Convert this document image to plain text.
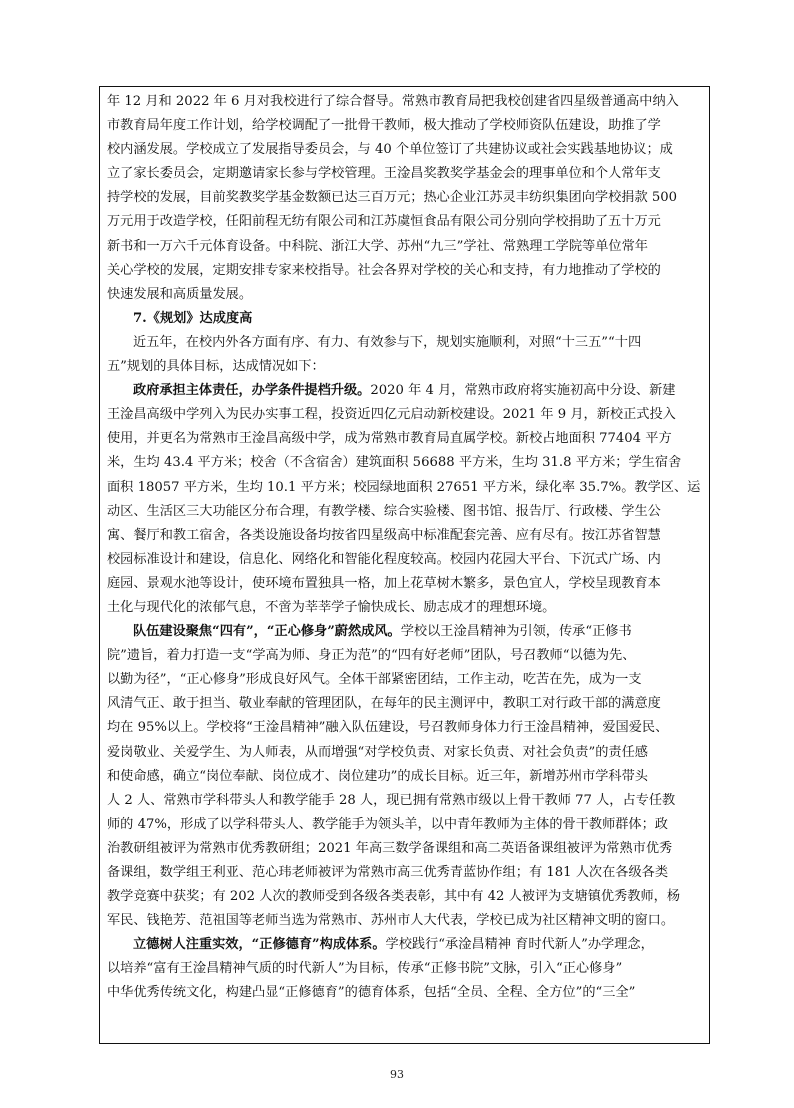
年 12 月和 2022 年 6 月对我校进行了综合督导。常熟市教育局把我校创建省四星级普通高中纳入
市教育局年度工作计划，给学校调配了一批骨干教师，极大推动了学校师资队伍建设，助推了学
校内涵发展。学校成立了发展指导委员会，与 40 个单位签订了共建协议或社会实践基地协议；成
立了家长委员会，定期邀请家长参与学校管理。王淦昌奖教奖学基金会的理事单位和个人常年支
持学校的发展，目前奖教奖学基金数额已达三百万元；热心企业江苏灵丰纺织集团向学校捐款 500
万元用于改造学校，任阳前程无纺有限公司和江苏虞恒食品有限公司分别向学校捐助了五十万元
新书和一万六千元体育设备。中科院、浙江大学、苏州“九三”学社、常熟理工学院等单位常年
关心学校的发展，定期安排专家来校指导。社会各界对学校的关心和支持，有力地推动了学校的
快速发展和高质量发展。
7.《规划》达成度高
近五年，在校内外各方面有序、有力、有效参与下，规划实施顺利，对照“十三五”“十四
五”规划的具体目标，达成情况如下：
政府承担主体责任，办学条件提档升级。2020 年 4 月，常熟市政府将实施初高中分设、新建
王淦昌高级中学列入为民办实事工程，投资近四亿元启动新校建设。2021 年 9 月，新校正式投入
使用，并更名为常熟市王淦昌高级中学，成为常熟市教育局直属学校。新校占地面积 77404 平方
米，生均 43.4 平方米；校舍（不含宿舍）建筑面积 56688 平方米，生均 31.8 平方米；学生宿舍
面积 18057 平方米，生均 10.1 平方米；校园绿地面积 27651 平方米，绿化率 35.7%。教学区、运
动区、生活区三大功能区分布合理，有教学楼、综合实验楼、图书馆、报告厅、行政楼、学生公
寓、餐厅和教工宿舍，各类设施设备均按省四星级高中标准配套完善、应有尽有。按江苏省智慧
校园标准设计和建设，信息化、网络化和智能化程度较高。校园内花园大平台、下沉式广场、内
庭园、景观水池等设计，使环境布置独具一格，加上花草树木繁多，景色宜人，学校呈现教育本
土化与现代化的浓郁气息，不啻为莘莘学子愉快成长、励志成才的理想环境。
队伍建设聚焦“四有”，“正心修身”蔚然成风。学校以王淦昌精神为引领，传承“正修书
院”遗旨，着力打造一支“学高为师、身正为范”的“四有好老师”团队，号召教师“以德为先、
以勤为径”，“正心修身”形成良好风气。全体干部紧密团结，工作主动，吃苦在先，成为一支
风清气正、敢于担当、敬业奉献的管理团队，在每年的民主测评中，教职工对行政干部的满意度
均在 95%以上。学校将“王淦昌精神”融入队伍建设，号召教师身体力行王淦昌精神，爱国爱民、
爱岗敬业、关爱学生、为人师表，从而增强“对学校负责、对家长负责、对社会负责”的责任感
和使命感，确立“岗位奉献、岗位成才、岗位建功”的成长目标。近三年，新增苏州市学科带头
人 2 人、常熟市学科带头人和教学能手 28 人，现已拥有常熟市级以上骨干教师 77 人，占专任教
师的 47%，形成了以学科带头人、教学能手为领头羊，以中青年教师为主体的骨干教师群体；政
治教研组被评为常熟市优秀教研组；2021 年高三数学备课组和高二英语备课组被评为常熟市优秀
备课组，数学组王利亚、范心玮老师被评为常熟市高三优秀青蓝协作组；有 181 人次在各级各类
教学竞赛中获奖；有 202 人次的教师受到各级各类表彰，其中有 42 人被评为支塘镇优秀教师，杨
军民、钱艳芳、范祖国等老师当选为常熟市、苏州市人大代表，学校已成为社区精神文明的窗口。
立德树人注重实效，“正修德育”构成体系。学校践行“承淦昌精神 育时代新人”办学理念，
以培养“富有王淦昌精神气质的时代新人”为目标，传承“正修书院”文脉，引入“正心修身”
中华优秀传统文化，构建凸显“正修德育”的德育体系，包括“全员、全程、全方位”的“三全”
93
